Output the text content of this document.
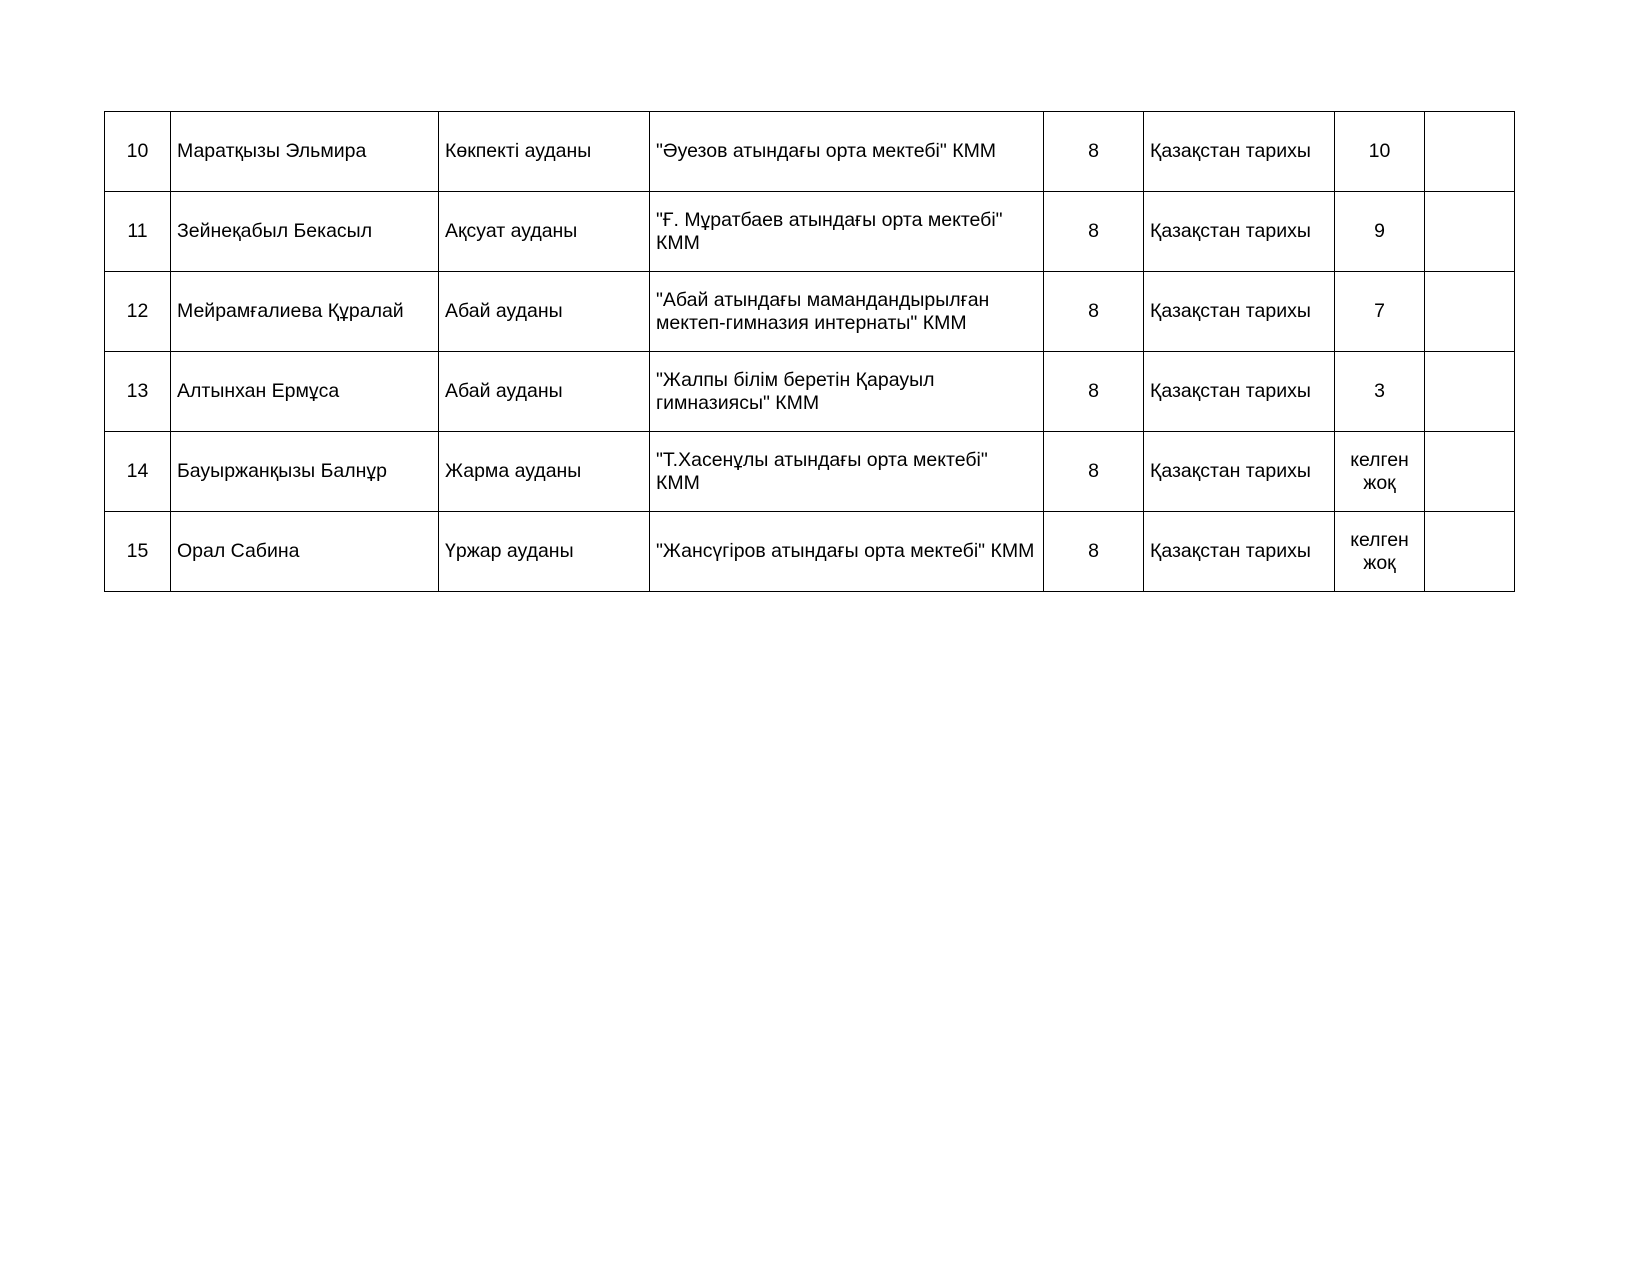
10	Маратқызы Эльмира	Көкпекті ауданы	"Әуезов атындағы орта мектебі" КММ	8	Қазақстан тарихы	10	
11	Зейнеқабыл Бекасыл	Ақсуат ауданы	"Ғ. Мұратбаев атындағы орта мектебі" КММ	8	Қазақстан тарихы	9	
12	Мейрамғалиева Құралай	Абай ауданы	"Абай атындағы мамандандырылған мектеп-гимназия интернаты" КММ	8	Қазақстан тарихы	7	
13	Алтынхан Ермұса	Абай ауданы	"Жалпы білім беретін Қарауыл гимназиясы" КММ	8	Қазақстан тарихы	3	
14	Бауыржанқызы Балнұр	Жарма ауданы	"Т.Хасенұлы атындағы орта мектебі" КММ	8	Қазақстан тарихы	келген жоқ	
15	Орал Сабина	Үржар ауданы	"Жансүгіров атындағы орта мектебі" КММ	8	Қазақстан тарихы	келген жоқ	
